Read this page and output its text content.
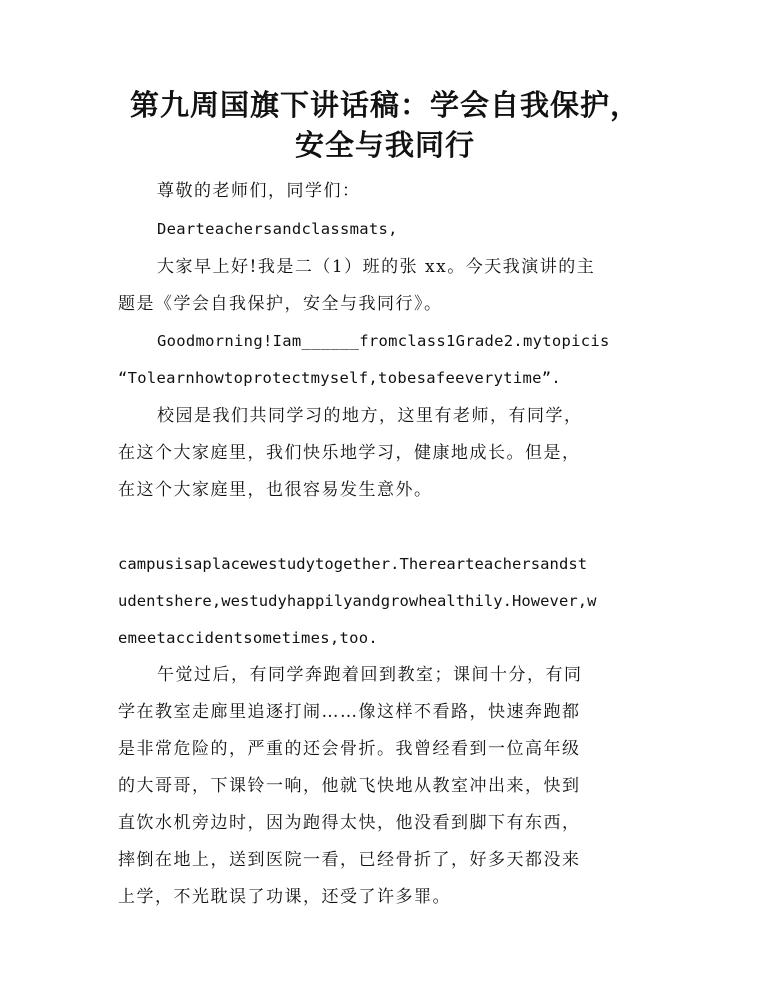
第九周国旗下讲话稿：学会自我保护，
安全与我同行

尊敬的老师们，同学们：

Dearteachersandclassmats,

大家早上好!我是二（1）班的张 xx。今天我演讲的主

题是《学会自我保护，安全与我同行》。

Goodmorning!Iam______fromclass1Grade2.mytopicis

“Tolearnhowtoprotectmyself,tobesafeeverytime”.

校园是我们共同学习的地方，这里有老师，有同学，

在这个大家庭里，我们快乐地学习，健康地成长。但是，

在这个大家庭里，也很容易发生意外。

campusisaplacewestudytogether.Therearteachersandst

udentshere,westudyhappilyandgrowhealthily.However,w

emeetaccidentsometimes,too.

午觉过后，有同学奔跑着回到教室；课间十分，有同

学在教室走廊里追逐打闹……像这样不看路，快速奔跑都

是非常危险的，严重的还会骨折。我曾经看到一位高年级

的大哥哥，下课铃一响，他就飞快地从教室冲出来，快到

直饮水机旁边时，因为跑得太快，他没看到脚下有东西，

摔倒在地上，送到医院一看，已经骨折了，好多天都没来

上学，不光耽误了功课，还受了许多罪。
